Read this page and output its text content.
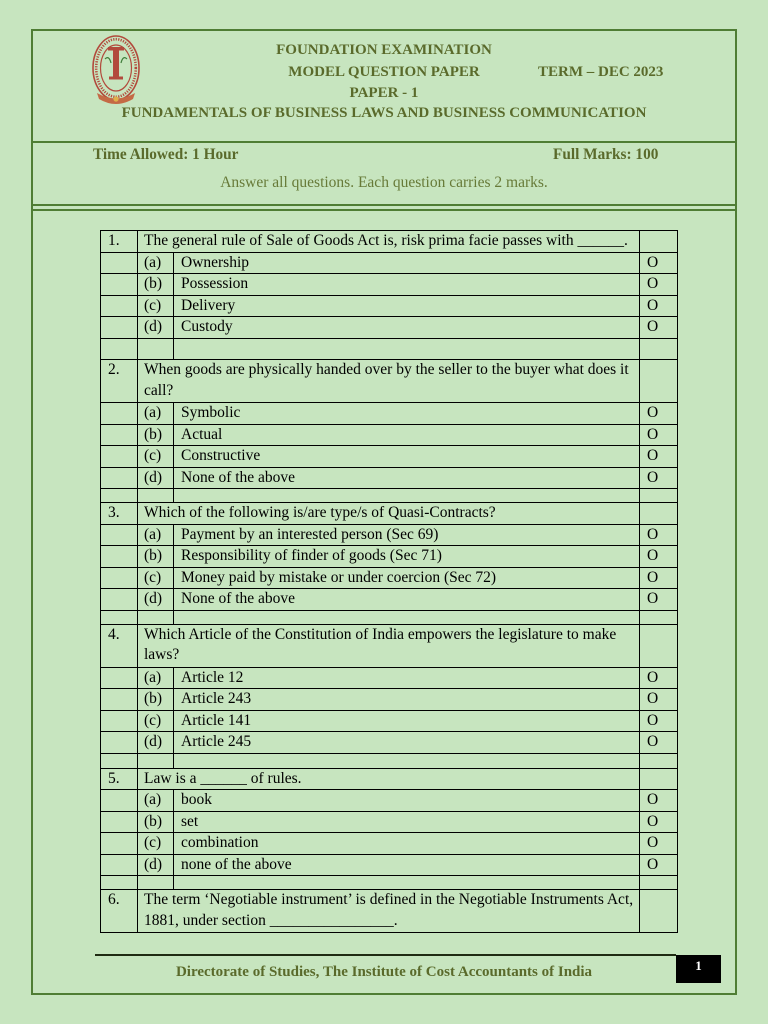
FOUNDATION EXAMINATION
MODEL QUESTION PAPER	TERM – DEC 2023
PAPER - 1
FUNDAMENTALS OF BUSINESS LAWS AND BUSINESS COMMUNICATION
Time Allowed: 1 Hour	Full Marks: 100
Answer all questions. Each question carries 2 marks.
1.	The general rule of Sale of Goods Act is, risk prima facie passes with ______.		
	(a)	Ownership	O
	(b)	Possession	O
	(c)	Delivery	O
	(d)	Custody	O

2.	When goods are physically handed over by the seller to the buyer what does it call?		
	(a)	Symbolic	O
	(b)	Actual	O
	(c)	Constructive	O
	(d)	None of the above	O

3.	Which of the following is/are type/s of Quasi-Contracts?		
	(a)	Payment by an interested person (Sec 69)	O
	(b)	Responsibility of finder of goods (Sec 71)	O
	(c)	Money paid by mistake or under coercion (Sec 72)	O
	(d)	None of the above	O

4.	Which Article of the Constitution of India empowers the legislature to make laws?		
	(a)	Article 12	O
	(b)	Article 243	O
	(c)	Article 141	O
	(d)	Article 245	O

5.	Law is a ______ of rules.		
	(a)	book	O
	(b)	set	O
	(c)	combination	O
	(d)	none of the above	O

6.	The term ‘Negotiable instrument’ is defined in the Negotiable Instruments Act, 1881, under section ________________.		
1
Directorate of Studies, The Institute of Cost Accountants of India
